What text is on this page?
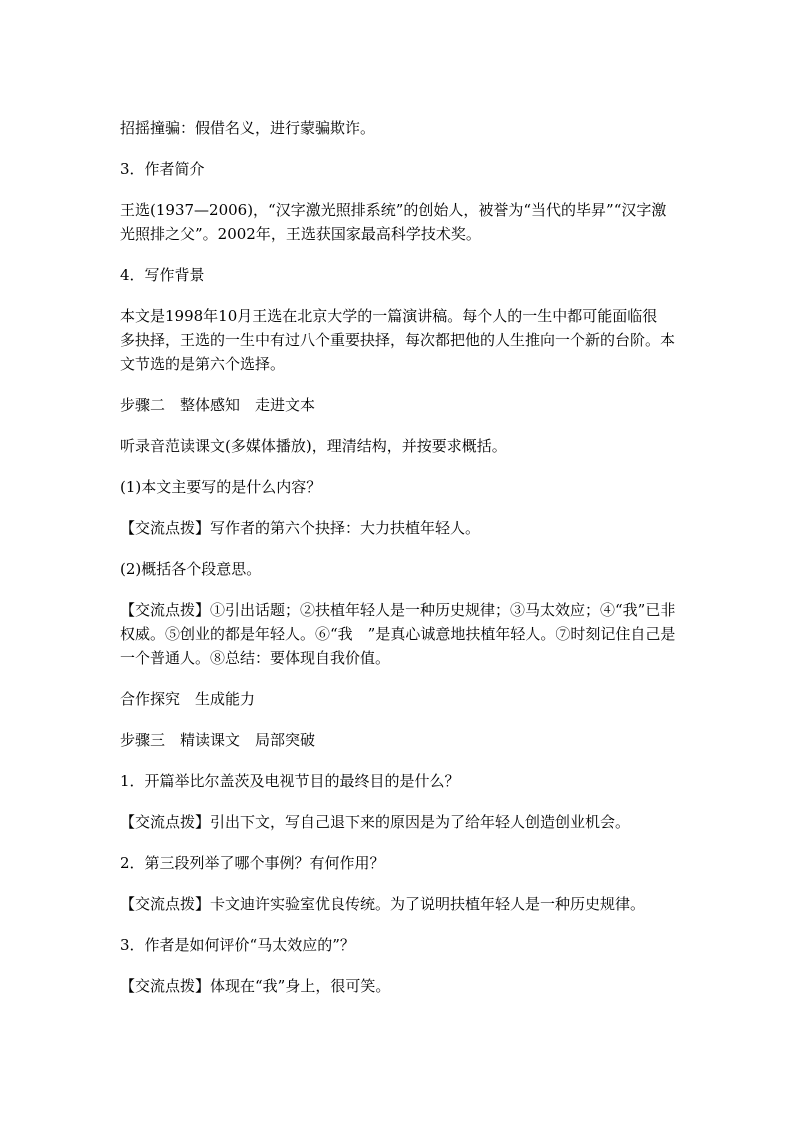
招摇撞骗：假借名义，进行蒙骗欺诈。

3．作者简介

王选(1937—2006)，“汉字激光照排系统”的创始人，被誉为“当代的毕昇”“汉字激光照排之父”。2002年，王选获国家最高科学技术奖。

4．写作背景

本文是1998年10月王选在北京大学的一篇演讲稿。每个人的一生中都可能面临很  多抉择，王选的一生中有过八个重要抉择，每次都把他的人生推向一个新的台阶。本文节选的是第六个选择。

步骤二　整体感知　走进文本

听录音范读课文(多媒体播放)，理清结构，并按要求概括。

(1)本文主要写的是什么内容？

【交流点拨】写作者的第六个抉择：大力扶植年轻人。

(2)概括各个段意思。

【交流点拨】①引出话题；②扶植年轻人是一种历史规律；③马太效应；④“我”已非权威。⑤创业的都是年轻人。⑥“我　”是真心诚意地扶植年轻人。⑦时刻记住自己是一个普通人。⑧总结：要体现自我价值。

合作探究　生成能力

步骤三　精读课文　局部突破

1．开篇举比尔盖茨及电视节目的最终目的是什么？

【交流点拨】引出下文，写自己退下来的原因是为了给年轻人创造创业机会。

2．第三段列举了哪个事例？有何作用？

【交流点拨】卡文迪许实验室优良传统。为了说明扶植年轻人是一种历史规律。

3．作者是如何评价“马太效应的”？

【交流点拨】体现在“我”身上，很可笑。
